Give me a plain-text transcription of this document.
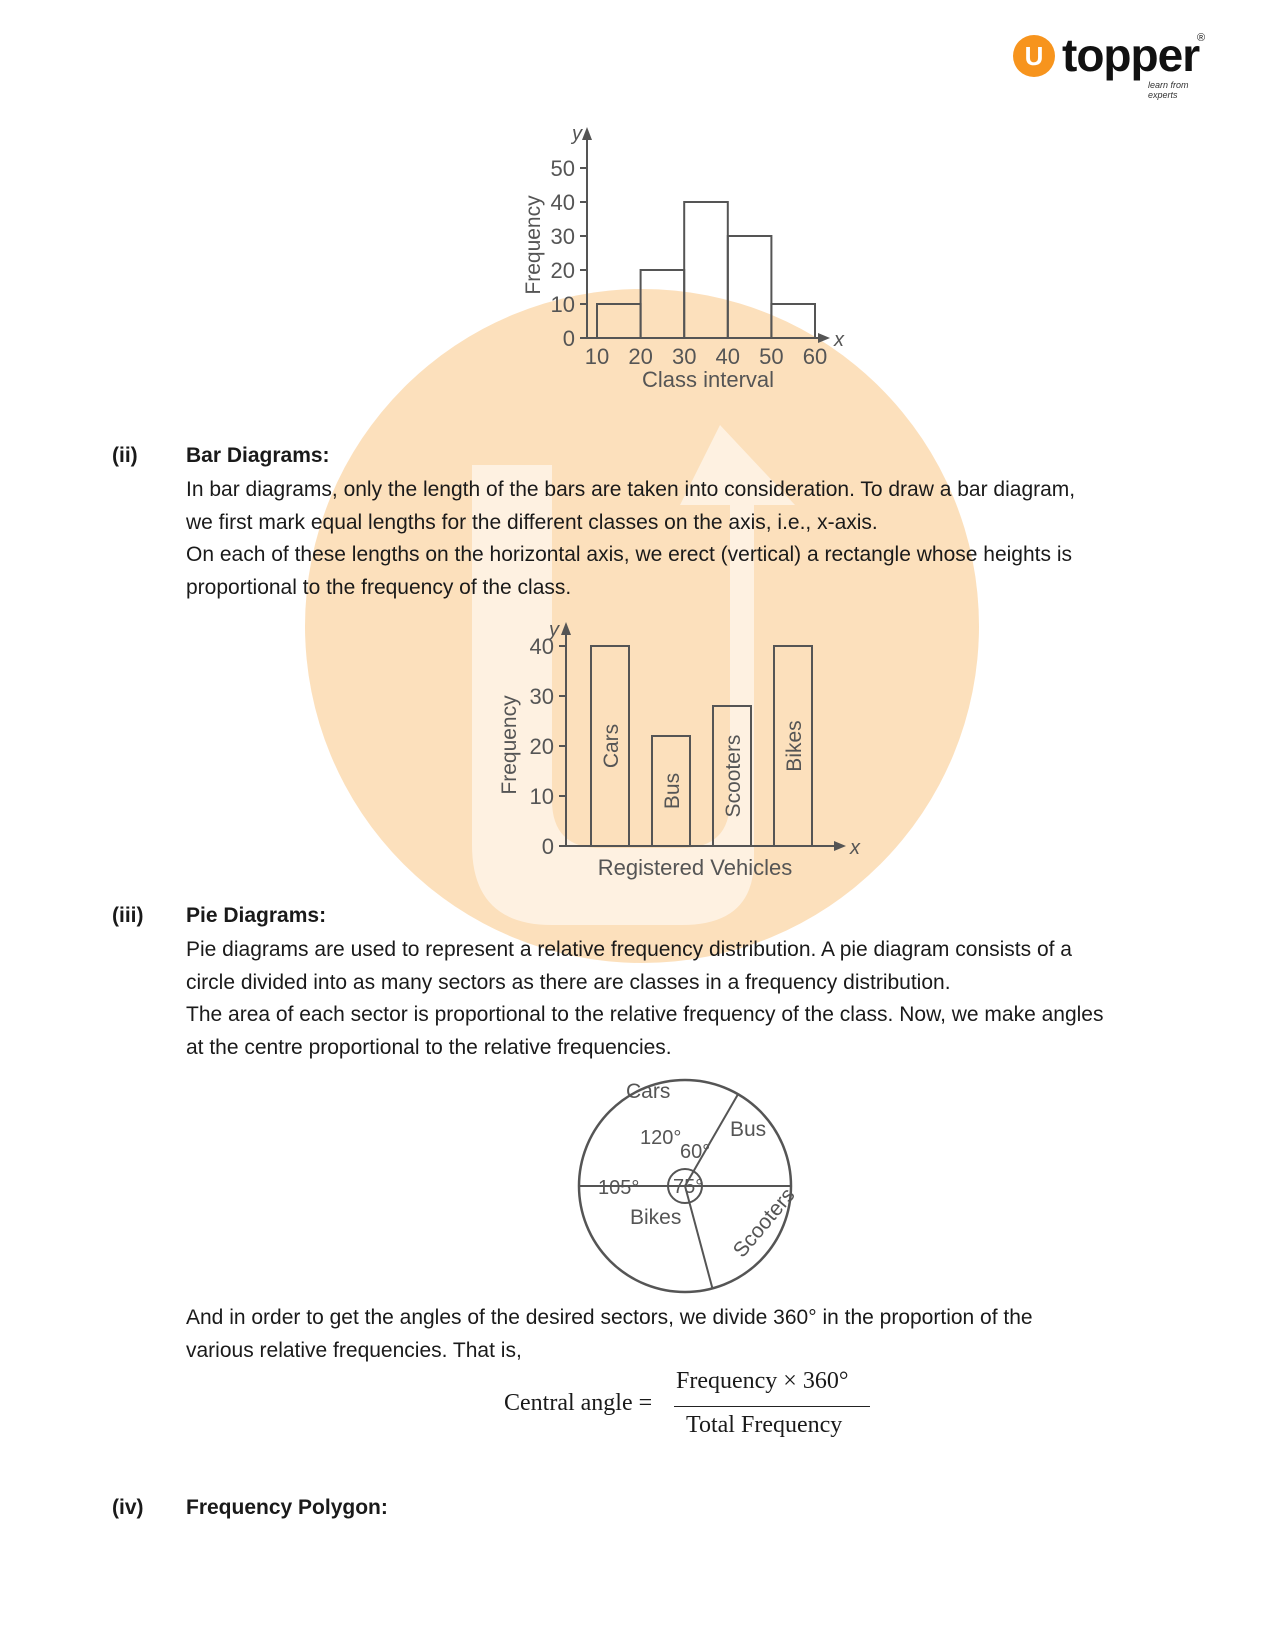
U topper
®
learn from experts
y
x
Frequency
Class interval
0
10
20
30
40
50
10 20 30 40 50 60
(ii) Bar Diagrams:

In bar diagrams, only the length of the bars are taken into consideration. To draw a bar diagram,

we first mark equal lengths for the different classes on the axis, i.e., x-axis.

On each of these lengths on the horizontal axis, we erect (vertical) a rectangle whose heights is

proportional to the frequency of the class.

y
x
Frequency
Registered Vehicles
0
10
20
30
40
Cars
Bus Scooters Bikes
(iii) Pie Diagrams:

Pie diagrams are used to represent a relative frequency distribution. A pie diagram consists of a

circle divided into as many sectors as there are classes in a frequency distribution.

The area of each sector is proportional to the relative frequency of the class. Now, we make angles

at the centre proportional to the relative frequencies.

Cars
120° Bus
60°
Scooters
75°
Bikes
105°

And in order to get the angles of the desired sectors, we divide 360° in the proportion of the

various relative frequencies. That is,

Central angle =
Frequency × 360°
Total Frequency
(iv) Frequency Polygon:
